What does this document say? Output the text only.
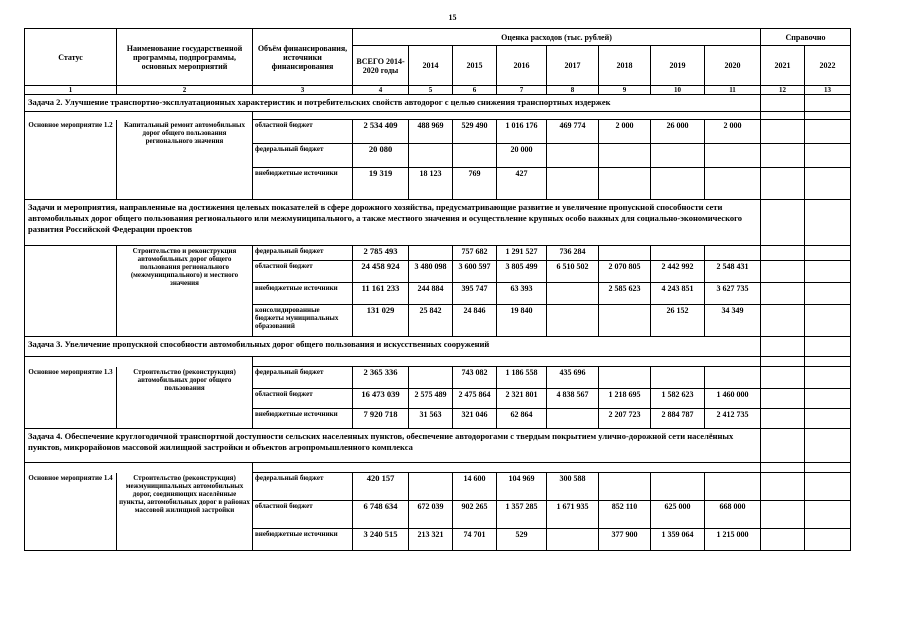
15
Статус	Наименование государственной программы, подпрограммы, основных мероприятий	Объём финансирования, источники финансирования	Оценка расходов (тыс. рублей)								Справочно	
			ВСЕГО 2014-2020 годы	2014	2015	2016	2017	2018	2019	2020	2021	2022
1	2	3	4	5	6	7	8	9	10	11	12	13
Задача 2. Улучшение транспортно-эксплуатационных характеристик и потребительских свойств автодорог с целью снижения транспортных издержек												

Основное мероприятие 1.2	Капитальный ремонт автомобильных дорог общего пользования регионального значения	областной бюджет	2 534 409	488 969	529 490	1 016 176	469 774	2 000	26 000	2 000		
		федеральный бюджет	20 080			20 000						
		внебюджетные источники	19 319	18 123	769	427						
Задачи и мероприятия, направленные на достижения целевых показателей в сфере дорожного хозяйства, предусматривающие развитие и увеличение пропускной способности сети автомобильных дорог общего пользования регионального или межмуниципального, а также местного значения и осуществление крупных особо важных для социально-экономического развития Российской Федерации проектов												
	Строительство и реконструкция автомобильных дорог общего пользования регионального (межмуниципального) и местного значения	федеральный бюджет	2 785 493		757 682	1 291 527	736 284					
		областной бюджет	24 458 924	3 480 098	3 600 597	3 805 499	6 510 502	2 070 805	2 442 992	2 548 431		
		внебюджетные источники	11 161 233	244 884	395 747	63 393		2 585 623	4 243 851	3 627 735		
		консолидированные бюджеты муниципальных образований	131 029	25 842	24 846	19 840			26 152	34 349		
Задача 3. Увеличение пропускной способности автомобильных дорог общего пользования и искусственных сооружений												

Основное мероприятие 1.3	Строительство (реконструкция) автомобильных дорог общего пользования	федеральный бюджет	2 365 336		743 082	1 186 558	435 696					
		областной бюджет	16 473 039	2 575 489	2 475 864	2 321 801	4 838 567	1 218 695	1 582 623	1 460 000		
		внебюджетные источники	7 920 718	31 563	321 046	62 864		2 207 723	2 884 787	2 412 735		
Задача 4. Обеспечение круглогодичной транспортной доступности сельских населенных пунктов, обеспечение автодорогами с твердым покрытием улично-дорожной сети населённых пунктов, микрорайонов массовой жилищной застройки и объектов агропромышленного комплекса												

Основное мероприятие 1.4	Строительство (реконструкция) межмуниципальных автомобильных дорог, соединяющих населённые пункты, автомобильных дорог в районах массовой жилищной застройки	федеральный бюджет	420 157		14 600	104 969	300 588					
		областной бюджет	6 748 634	672 039	902 265	1 357 285	1 671 935	852 110	625 000	668 000		
		внебюджетные источники	3 240 515	213 321	74 701	529		377 900	1 359 064	1 215 000		
